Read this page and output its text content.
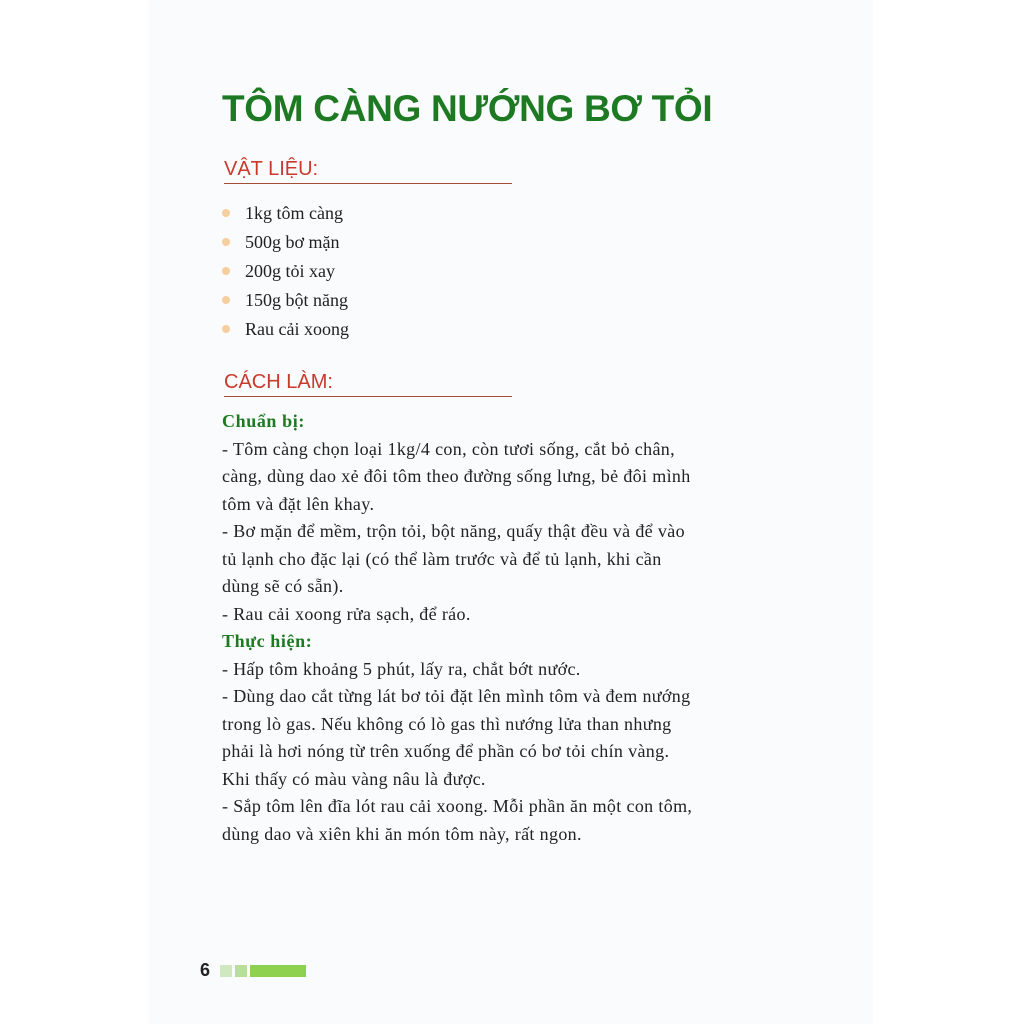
TÔM CÀNG NƯỚNG BƠ TỎI
VẬT LIỆU:
1kg tôm càng
500g bơ mặn
200g tỏi xay
150g bột năng
Rau cải xoong
CÁCH LÀM:
Chuẩn bị:
- Tôm càng chọn loại 1kg/4 con, còn tươi sống, cắt bỏ chân,
càng, dùng dao xẻ đôi tôm theo đường sống lưng, bẻ đôi mình
tôm và đặt lên khay.
- Bơ mặn để mềm, trộn tỏi, bột năng, quấy thật đều và để vào
tủ lạnh cho đặc lại (có thể làm trước và để tủ lạnh, khi cần
dùng sẽ có sẵn).
- Rau cải xoong rửa sạch, để ráo.
Thực hiện:
- Hấp tôm khoảng 5 phút, lấy ra, chắt bớt nước.
- Dùng dao cắt từng lát bơ tỏi đặt lên mình tôm và đem nướng
trong lò gas. Nếu không có lò gas thì nướng lửa than nhưng
phải là hơi nóng từ trên xuống để phần có bơ tỏi chín vàng.
Khi thấy có màu vàng nâu là được.
- Sắp tôm lên đĩa lót rau cải xoong. Mỗi phần ăn một con tôm,
dùng dao và xiên khi ăn món tôm này, rất ngon.
6
